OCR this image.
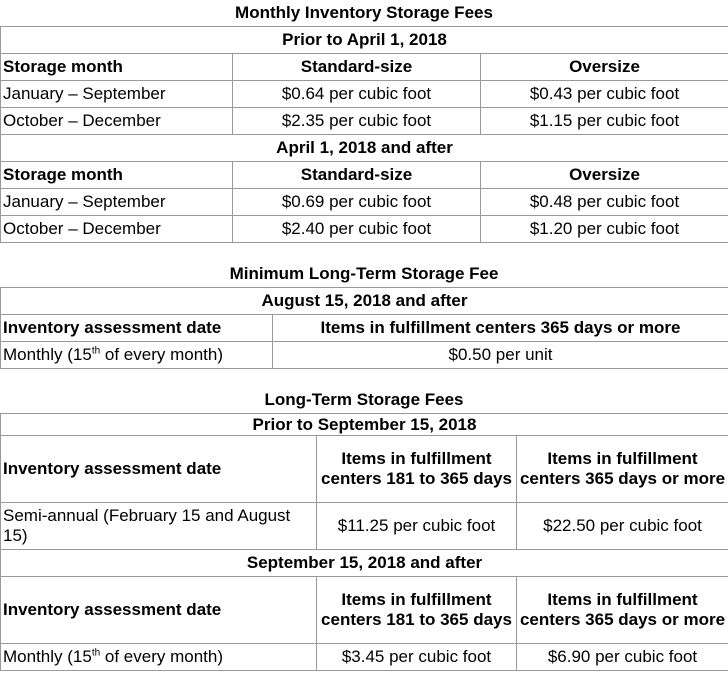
Monthly Inventory Storage Fees
Prior to April 1, 2018		
Storage month	Standard-size	Oversize
January – September	$0.64 per cubic foot	$0.43 per cubic foot
October – December	$2.35 per cubic foot	$1.15 per cubic foot
April 1, 2018 and after		
Storage month	Standard-size	Oversize
January – September	$0.69 per cubic foot	$0.48 per cubic foot
October – December	$2.40 per cubic foot	$1.20 per cubic foot
Minimum Long-Term Storage Fee
August 15, 2018 and after	
Inventory assessment date	Items in fulfillment centers 365 days or more
Monthly (15th of every month)	$0.50 per unit
Long-Term Storage Fees
Prior to September 15, 2018		
Inventory assessment date	Items in fulfillment centers 181 to 365 days	Items in fulfillment centers 365 days or more
Semi-annual (February 15 and August 15)	$11.25 per cubic foot	$22.50 per cubic foot
September 15, 2018 and after		
Inventory assessment date	Items in fulfillment centers 181 to 365 days	Items in fulfillment centers 365 days or more
Monthly (15th of every month)	$3.45 per cubic foot	$6.90 per cubic foot
